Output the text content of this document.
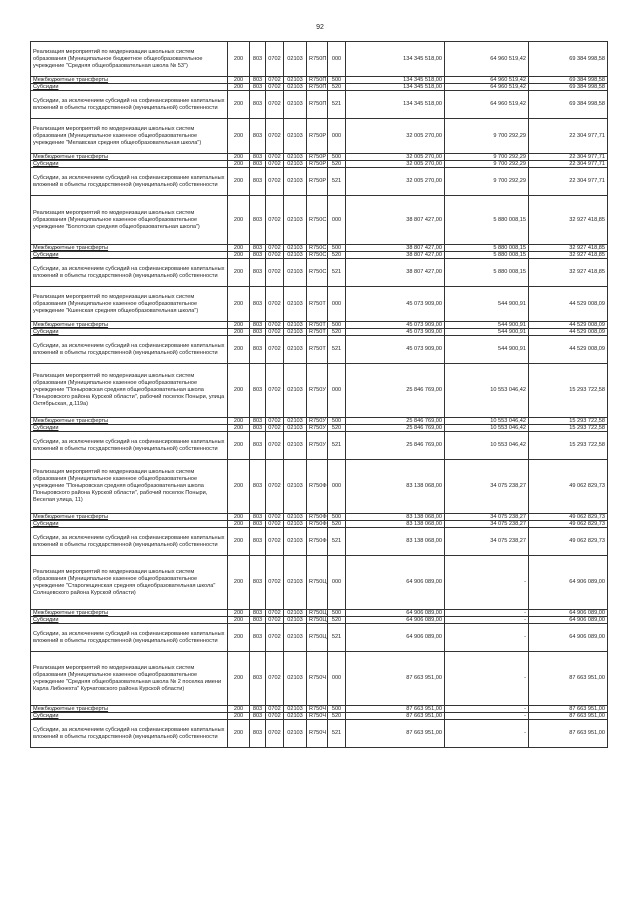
92
Реализация мероприятий по модернизации школьных систем образования (Муниципальное бюджетное общеобразовательное учреждение "Средняя общеобразовательная школа № 53")	200	803	0702	02103	R750П	000	134 345 518,00	64 960 519,42	69 384 998,58
Межбюджетные трансферты	200	803	0702	02103	R750П	500	134 345 518,00	64 960 519,42	69 384 998,58
Субсидии	200	803	0702	02103	R750П	520	134 345 518,00	64 960 519,42	69 384 998,58
Субсидии, за исключением субсидий на софинансирование капитальных вложений в объекты государственной (муниципальной) собственности	200	803	0702	02103	R750П	521	134 345 518,00	64 960 519,42	69 384 998,58
Реализация мероприятий по модернизации школьных систем образования (Муниципальное казенное общеобразовательное учреждение "Мелавская средняя общеобразовательная школа")	200	803	0702	02103	R750Р	000	32 005 270,00	9 700 292,29	22 304 977,71
Межбюджетные трансферты	200	803	0702	02103	R750Р	500	32 005 270,00	9 700 292,29	22 304 977,71
Субсидии	200	803	0702	02103	R750Р	520	32 005 270,00	9 700 292,29	22 304 977,71
Субсидии, за исключением субсидий на софинансирование капитальных вложений в объекты государственной (муниципальной) собственности	200	803	0702	02103	R750Р	521	32 005 270,00	9 700 292,29	22 304 977,71
Реализация мероприятий по модернизации школьных систем образования (Муниципальное казенное общеобразовательное учреждение "Болотская средняя общеобразовательная школа")	200	803	0702	02103	R750С	000	38 807 427,00	5 880 008,15	32 927 418,85
Межбюджетные трансферты	200	803	0702	02103	R750С	500	38 807 427,00	5 880 008,15	32 927 418,85
Субсидии	200	803	0702	02103	R750С	520	38 807 427,00	5 880 008,15	32 927 418,85
Субсидии, за исключением субсидий на софинансирование капитальных вложений в объекты государственной (муниципальной) собственности	200	803	0702	02103	R750С	521	38 807 427,00	5 880 008,15	32 927 418,85
Реализация мероприятий по модернизации школьных систем образования (Муниципальное казенное общеобразовательное учреждение "Кшенская средняя общеобразовательная школа")	200	803	0702	02103	R750Т	000	45 073 909,00	544 900,91	44 529 008,09
Межбюджетные трансферты	200	803	0702	02103	R750Т	500	45 073 909,00	544 900,91	44 529 008,09
Субсидии	200	803	0702	02103	R750Т	520	45 073 909,00	544 900,91	44 529 008,09
Субсидии, за исключением субсидий на софинансирование капитальных вложений в объекты государственной (муниципальной) собственности	200	803	0702	02103	R750Т	521	45 073 909,00	544 900,91	44 529 008,09
Реализация мероприятий по модернизации школьных систем образования (Муниципальное казенное общеобразовательное учреждение "Поныровская средняя общеобразовательная школа Поныровского района Курской области", рабочий поселок Поныри, улица Октябрьская, д.119а)	200	803	0702	02103	R750У	000	25 846 769,00	10 553 046,42	15 293 722,58
Межбюджетные трансферты	200	803	0702	02103	R750У	500	25 846 769,00	10 553 046,42	15 293 722,58
Субсидии	200	803	0702	02103	R750У	520	25 846 769,00	10 553 046,42	15 293 722,58
Субсидии, за исключением субсидий на софинансирование капитальных вложений в объекты государственной (муниципальной) собственности	200	803	0702	02103	R750У	521	25 846 769,00	10 553 046,42	15 293 722,58
Реализация мероприятий по модернизации школьных систем образования (Муниципальное казенное общеобразовательное учреждение "Поныровская средняя общеобразовательная школа Поныровского района Курской области", рабочий поселок Поныри, Веселая улица, 11)	200	803	0702	02103	R750Ф	000	83 138 068,00	34 075 238,27	49 062 829,73
Межбюджетные трансферты	200	803	0702	02103	R750Ф	500	83 138 068,00	34 075 238,27	49 062 829,73
Субсидии	200	803	0702	02103	R750Ф	520	83 138 068,00	34 075 238,27	49 062 829,73
Субсидии, за исключением субсидий на софинансирование капитальных вложений в объекты государственной (муниципальной) собственности	200	803	0702	02103	R750Ф	521	83 138 068,00	34 075 238,27	49 062 829,73
Реализация мероприятий по модернизации школьных систем образования (Муниципальное казенное общеобразовательное учреждение "Старолещинская средняя общеобразовательная школа" Солнцевского района Курской области)	200	803	0702	02103	R750Ц	000	64 906 089,00	-	64 906 089,00
Межбюджетные трансферты	200	803	0702	02103	R750Ц	500	64 906 089,00	-	64 906 089,00
Субсидии	200	803	0702	02103	R750Ц	520	64 906 089,00	-	64 906 089,00
Субсидии, за исключением субсидий на софинансирование капитальных вложений в объекты государственной (муниципальной) собственности	200	803	0702	02103	R750Ц	521	64 906 089,00	-	64 906 089,00
Реализация мероприятий по модернизации школьных систем образования (Муниципальное казенное общеобразовательное учреждение "Средняя общеобразовательная школа № 2 поселка имени Карла Либкнехта" Курчатовского района Курской области)	200	803	0702	02103	R750Ч	000	87 663 951,00	-	87 663 951,00
Межбюджетные трансферты	200	803	0702	02103	R750Ч	500	87 663 951,00	-	87 663 951,00
Субсидии	200	803	0702	02103	R750Ч	520	87 663 951,00	-	87 663 951,00
Субсидии, за исключением субсидий на софинансирование капитальных вложений в объекты государственной (муниципальной) собственности	200	803	0702	02103	R750Ч	521	87 663 951,00	-	87 663 951,00
